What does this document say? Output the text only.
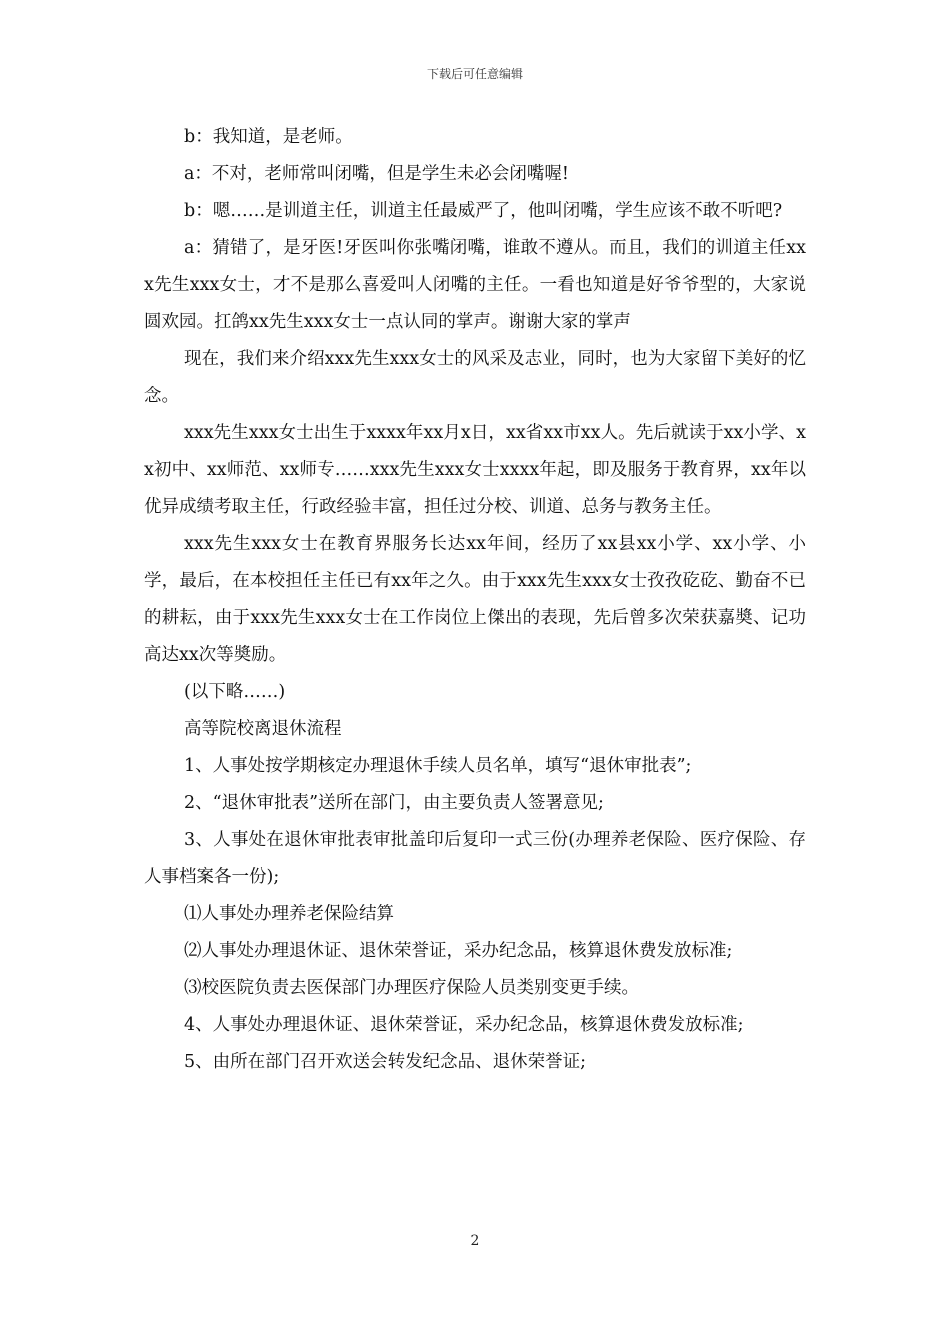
下载后可任意编辑

b：我知道，是老师。

a：不对，老师常叫闭嘴，但是学生未必会闭嘴喔!

b：嗯……是训道主任，训道主任最威严了，他叫闭嘴，学生应该不敢不听吧?

a：猜错了，是牙医!牙医叫你张嘴闭嘴，谁敢不遵从。而且，我们的训道主任xxx先生xxx女士，才不是那么喜爱叫人闭嘴的主任。一看也知道是好爷爷型的，大家说圆欢园。扛鸽xx先生xxx女士一点认同的掌声。谢谢大家的掌声

现在，我们来介绍xxx先生xxx女士的风采及志业，同时，也为大家留下美好的忆念。

xxx先生xxx女士出生于xxxx年xx月x日，xx省xx市xx人。先后就读于xx小学、xx初中、xx师范、xx师专……xxx先生xxx女士xxxx年起，即及服务于教育界，xx年以优异成绩考取主任，行政经验丰富，担任过分校、训道、总务与教务主任。

xxx先生xxx女士在教育界服务长达xx年间，经历了xx县xx小学、xx小学、小学，最后，在本校担任主任已有xx年之久。由于xxx先生xxx女士孜孜矻矻、勤奋不已的耕耘，由于xxx先生xxx女士在工作岗位上傑出的表现，先后曾多次荣获嘉奬、记功高达xx次等奬励。

(以下略……)

高等院校离退休流程

1、人事处按学期核定办理退休手续人员名单，填写“退休审批表”;

2、“退休审批表”送所在部门，由主要负责人签署意见;

3、人事处在退休审批表审批盖印后复印一式三份(办理养老保险、医疗保险、存人事档案各一份);

⑴人事处办理养老保险结算

⑵人事处办理退休证、退休荣誉证，采办纪念品，核算退休费发放标准;

⑶校医院负责去医保部门办理医疗保险人员类别变更手续。

4、人事处办理退休证、退休荣誉证，采办纪念品，核算退休费发放标准;

5、由所在部门召开欢送会转发纪念品、退休荣誉证;

2
